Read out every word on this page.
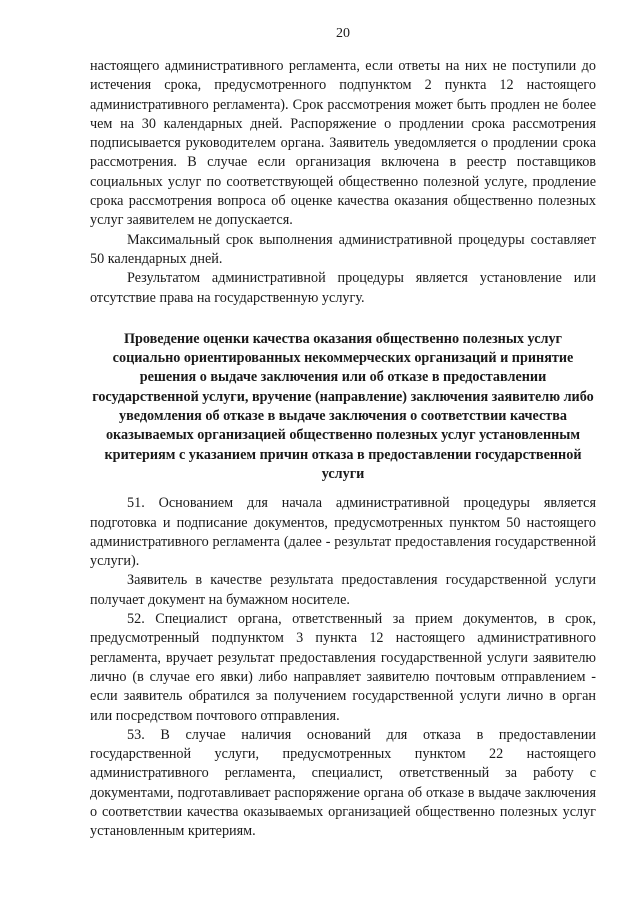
20

настоящего административного регламента, если ответы на них не поступили до истечения срока, предусмотренного подпунктом 2 пункта 12 настоящего административного регламента). Срок рассмотрения может быть продлен не более чем на 30 календарных дней. Распоряжение о продлении срока рассмотрения подписывается руководителем органа. Заявитель уведомляется о продлении срока рассмотрения. В случае если организация включена в реестр поставщиков социальных услуг по соответствующей общественно полезной услуге, продление срока рассмотрения вопроса об оценке качества оказания общественно полезных услуг заявителем не допускается.

Максимальный срок выполнения административной процедуры составляет 50 календарных дней.

Результатом административной процедуры является установление или отсутствие права на государственную услугу.

Проведение оценки качества оказания общественно полезных услуг социально ориентированных некоммерческих организаций и принятие решения о выдаче заключения или об отказе в предоставлении государственной услуги, вручение (направление) заключения заявителю либо уведомления об отказе в выдаче заключения о соответствии качества оказываемых организацией общественно полезных услуг установленным критериям с указанием причин отказа в предоставлении государственной услуги

51. Основанием для начала административной процедуры является подготовка и подписание документов, предусмотренных пунктом 50 настоящего административного регламента (далее - результат предоставления государственной услуги).

Заявитель в качестве результата предоставления государственной услуги получает документ на бумажном носителе.

52. Специалист органа, ответственный за прием документов, в срок, предусмотренный подпунктом 3 пункта 12 настоящего административного регламента, вручает результат предоставления государственной услуги заявителю лично (в случае его явки) либо направляет заявителю почтовым отправлением - если заявитель обратился за получением государственной услуги лично в орган или посредством почтового отправления.

53. В случае наличия оснований для отказа в предоставлении государственной услуги, предусмотренных пунктом 22 настоящего административного регламента, специалист, ответственный за работу с документами, подготавливает распоряжение органа об отказе в выдаче заключения о соответствии качества оказываемых организацией общественно полезных услуг установленным критериям.
